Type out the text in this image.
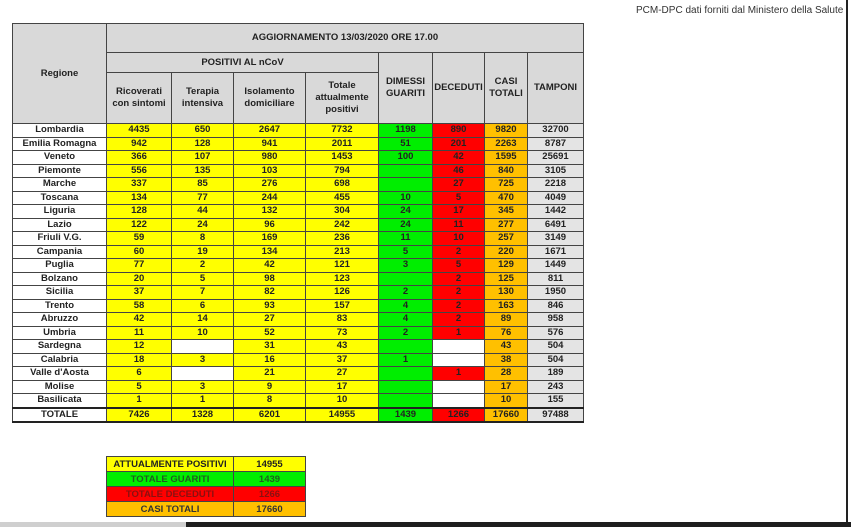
PCM-DPC dati forniti dal Ministero della Salute
Regione	AGGIORNAMENTO 13/03/2020 ORE 17.00							
	POSITIVI AL nCoV				DIMESSI GUARITI	DECEDUTI	CASI TOTALI	TAMPONI
	Ricoverati con sintomi	Terapia intensiva	Isolamento domiciliare	Totale attualmente positivi				
Lombardia	4435	650	2647	7732	1198	890	9820	32700
Emilia Romagna	942	128	941	2011	51	201	2263	8787
Veneto	366	107	980	1453	100	42	1595	25691
Piemonte	556	135	103	794		46	840	3105
Marche	337	85	276	698		27	725	2218
Toscana	134	77	244	455	10	5	470	4049
Liguria	128	44	132	304	24	17	345	1442
Lazio	122	24	96	242	24	11	277	6491
Friuli V.G.	59	8	169	236	11	10	257	3149
Campania	60	19	134	213	5	2	220	1671
Puglia	77	2	42	121	3	5	129	1449
Bolzano	20	5	98	123		2	125	811
Sicilia	37	7	82	126	2	2	130	1950
Trento	58	6	93	157	4	2	163	846
Abruzzo	42	14	27	83	4	2	89	958
Umbria	11	10	52	73	2	1	76	576
Sardegna	12		31	43			43	504
Calabria	18	3	16	37	1		38	504
Valle d'Aosta	6		21	27		1	28	189
Molise	5	3	9	17			17	243
Basilicata	1	1	8	10			10	155
TOTALE	7426	1328	6201	14955	1439	1266	17660	97488
ATTUALMENTE POSITIVI	14955
TOTALE GUARITI	1439
TOTALE DECEDUTI	1266
CASI TOTALI	17660
